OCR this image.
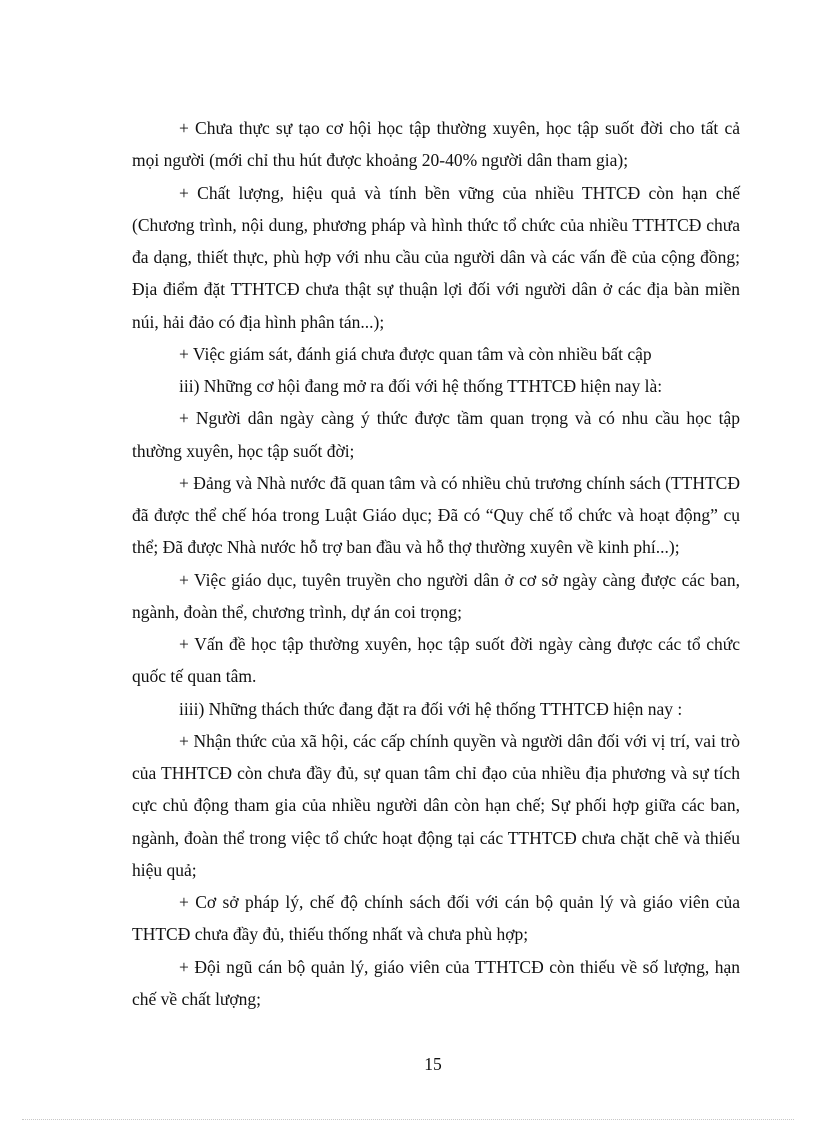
+ Chưa thực sự tạo cơ hội học tập thường xuyên, học tập suốt đời cho tất cả mọi người (mới chỉ thu hút được khoảng 20-40% người dân tham gia);

+ Chất lượng, hiệu quả và tính bền vững của nhiều THTCĐ còn hạn chế (Chương trình, nội dung, phương pháp và hình thức tổ chức của nhiều TTHTCĐ chưa đa dạng, thiết thực, phù hợp với nhu cầu của người dân và các vấn đề của cộng đồng; Địa điểm đặt TTHTCĐ chưa thật sự thuận lợi đối với người dân ở các địa bàn miền núi, hải đảo có địa hình phân tán...);

+ Việc giám sát, đánh giá chưa được quan tâm và còn nhiều bất cập

iii) Những cơ hội đang mở ra đối với hệ thống TTHTCĐ hiện nay là:

+ Người dân ngày càng ý thức được tầm quan trọng và có nhu cầu học tập thường xuyên, học tập suốt đời;

+ Đảng và Nhà nước đã quan tâm và có nhiều chủ trương chính sách (TTHTCĐ đã được thể chế hóa trong Luật Giáo dục; Đã có “Quy chế tổ chức và hoạt động” cụ thể; Đã được Nhà nước hỗ trợ ban đầu và hỗ thợ thường xuyên về kinh phí...);

+ Việc giáo dục, tuyên truyền cho người dân ở cơ sở ngày càng được các ban, ngành, đoàn thể, chương trình, dự án coi trọng;

+ Vấn đề học tập thường xuyên, học tập suốt đời ngày càng được các tổ chức quốc tế quan tâm.

iiii) Những thách thức đang đặt ra đối với hệ thống TTHTCĐ hiện nay :

+ Nhận thức của xã hội, các cấp chính quyền và người dân đối với vị trí, vai trò của THHTCĐ còn chưa đầy đủ, sự quan tâm chỉ đạo của nhiều địa phương và sự tích cực chủ động tham gia của nhiều người dân còn hạn chế; Sự phối hợp giữa các ban, ngành, đoàn thể trong việc tổ chức hoạt động tại các TTHTCĐ chưa chặt chẽ và thiếu hiệu quả;

+ Cơ sở pháp lý, chế độ chính sách đối với cán bộ quản lý và giáo viên của THTCĐ chưa đầy đủ, thiếu thống nhất và chưa phù hợp;

+ Đội ngũ cán bộ quản lý, giáo viên của TTHTCĐ còn thiếu về số lượng, hạn chế về chất lượng;

15
